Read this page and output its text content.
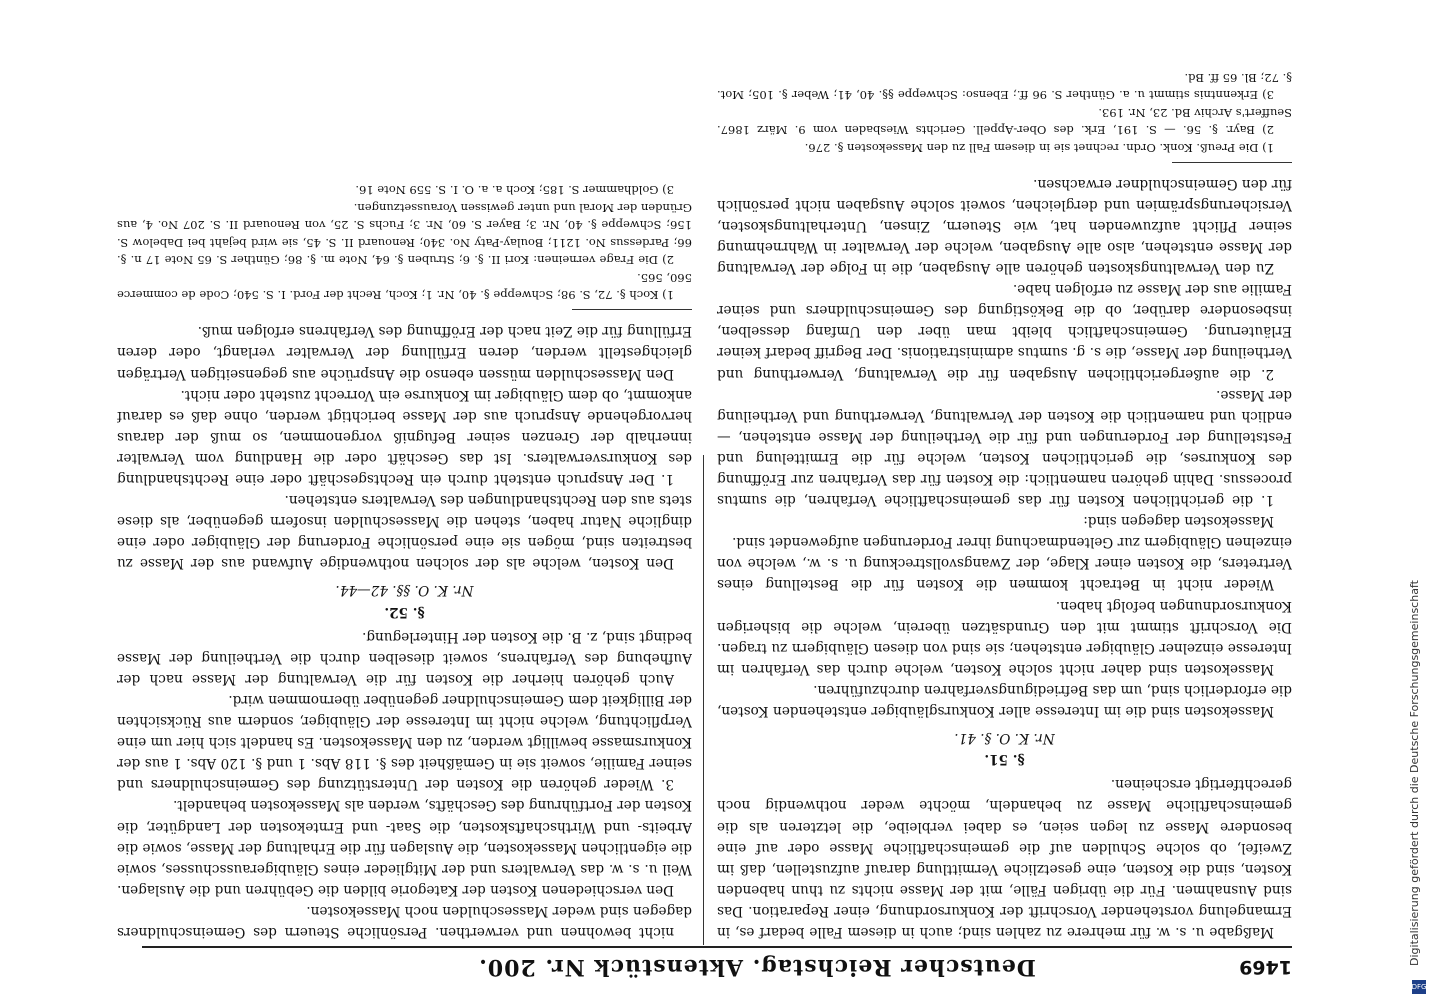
1469
Deutscher Reichstag. Aktenstück Nr. 200.

nicht bewohnen und verwerthen. Persönliche Steuern des Gemeinschuldners dagegen sind weder Masseschulden noch Massekosten.

Den verschiedenen Kosten der Kategorie bilden die Gebühren und die Auslagen. Weil u. s. w. das Verwalters und der Mitglieder eines Gläubigerausschusses, sowie die eigentlichen Massekosten, die Auslagen für die Erhaltung der Masse, sowie die Arbeits- und Wirthschaftskosten, die Saat- und Erntekosten der Landgüter, die Kosten der Fortführung des Geschäfts, werden als Massekosten behandelt.

3. Wieder gehören die Kosten der Unterstützung des Gemeinschuldners und seiner Familie, soweit sie in Gemäßheit des §. 118 Abs. 1 und §. 120 Abs. 1 aus der Konkursmasse bewilligt werden, zu den Massekosten. Es handelt sich hier um eine Verpflichtung, welche nicht im Interesse der Gläubiger, sondern aus Rücksichten der Billigkeit dem Gemeinschuldner gegenüber übernommen wird.

Auch gehören hierher die Kosten für die Verwaltung der Masse nach der Aufhebung des Verfahrens, soweit dieselben durch die Vertheilung der Masse bedingt sind, z. B. die Kosten der Hinterlegung.

§. 52.

Nr. K. O. §§. 42—44.

Den Kosten, welche als der solchen nothwendige Aufwand aus der Masse zu bestreiten sind, mögen sie eine persönliche Forderung der Gläubiger oder eine dingliche Natur haben, stehen die Masseschulden insofern gegenüber, als diese stets aus den Rechtshandlungen des Verwalters entstehen.

1. Der Anspruch entsteht durch ein Rechtsgeschäft oder eine Rechtshandlung des Konkursverwalters. Ist das Geschäft oder die Handlung vom Verwalter innerhalb der Grenzen seiner Befugniß vorgenommen, so muß der daraus hervorgehende Anspruch aus der Masse berichtigt werden, ohne daß es darauf ankommt, ob dem Gläubiger im Konkurse ein Vorrecht zusteht oder nicht.

Den Masseschulden müssen ebenso die Ansprüche aus gegenseitigen Verträgen gleichgestellt werden, deren Erfüllung der Verwalter verlangt, oder deren Erfüllung für die Zeit nach der Eröffnung des Verfahrens erfolgen muß.

1) Koch §. 72, S. 98; Schweppe §. 40, Nr. 1; Koch, Recht der Ford. I. S. 540; Code de commerce 560, 565.

2) Die Frage verneinen: Kori II. §. 6; Struben §. 64, Note m. §. 86; Günther S. 65 Note 17 n. §. 66; Pardessus No. 1211; Boulay-Paty No. 340; Renouard II. S. 45, sie wird bejaht bei Dabelow S. 156; Schweppe §. 40, Nr. 3; Bayer S. 60, Nr. 3; Fuchs S. 25, von Renouard II. S. 207 No. 4, aus Gründen der Moral und unter gewissen Voraussetzungen.

3) Goldhammer S. 185; Koch a. a. O. I. S. 559 Note 16.

Maßgabe u. s. w. für mehrere zu zahlen sind; auch in diesem Falle bedarf es, in Ermangelung vorstehender Vorschrift der Konkursordnung, einer Reparation. Das sind Ausnahmen. Für die übrigen Fälle, mit der Masse nichts zu thun habenden Kosten, sind die Kosten, eine gesetzliche Vermittlung darauf aufzustellen, daß im Zweifel, ob solche Schulden auf die gemeinschaftliche Masse oder auf eine besondere Masse zu legen seien, es dabei verbleibe, die letzteren als die gemeinschaftliche Masse zu behandeln, möchte weder nothwendig noch gerechtfertigt erscheinen.

§. 51.

Nr. K. O. §. 41.

Massekosten sind die im Interesse aller Konkursgläubiger entstehenden Kosten, die erforderlich sind, um das Befriedigungsverfahren durchzuführen.

Massekosten sind daher nicht solche Kosten, welche durch das Verfahren im Interesse einzelner Gläubiger entstehen; sie sind von diesen Gläubigern zu tragen. Die Vorschrift stimmt mit den Grundsätzen überein, welche die bisherigen Konkursordnungen befolgt haben.

Wieder nicht in Betracht kommen die Kosten für die Bestellung eines Vertreters, die Kosten einer Klage, der Zwangsvollstreckung u. s. w., welche von einzelnen Gläubigern zur Geltendmachung ihrer Forderungen aufgewendet sind.

Massekosten dagegen sind:

1. die gerichtlichen Kosten für das gemeinschaftliche Verfahren, die sumtus processus. Dahin gehören namentlich: die Kosten für das Verfahren zur Eröffnung des Konkurses, die gerichtlichen Kosten, welche für die Ermittelung und Feststellung der Forderungen und für die Vertheilung der Masse entstehen, — endlich und namentlich die Kosten der Verwaltung, Verwerthung und Vertheilung der Masse.

2. die außergerichtlichen Ausgaben für die Verwaltung, Verwerthung und Vertheilung der Masse, die s. g. sumtus administrationis. Der Begriff bedarf keiner Erläuterung. Gemeinschaftlich bleibt man über den Umfang desselben, insbesondere darüber, ob die Beköstigung des Gemeinschuldners und seiner Familie aus der Masse zu erfolgen habe.

Zu den Verwaltungskosten gehören alle Ausgaben, die in Folge der Verwaltung der Masse entstehen, also alle Ausgaben, welche der Verwalter in Wahrnehmung seiner Pflicht aufzuwenden hat, wie Steuern, Zinsen, Unterhaltungskosten, Versicherungsprämien und dergleichen, soweit solche Ausgaben nicht persönlich für den Gemeinschuldner erwachsen.

1) Die Preuß. Konk. Ordn. rechnet sie in diesem Fall zu den Massekosten §. 276.

2) Bayr. §. 56. — S. 191, Erk. des Ober-Appell. Gerichts Wiesbaden vom 9. März 1867. Seuffert's Archiv Bd. 23, Nr. 193.

3) Erkenntnis stimmt u. a. Günther S. 96 ff.; Ebenso: Schweppe §§. 40, 41; Weber §. 105; Mot. §. 72; Bl. 65 ff. Bd.

Digitalisierung gefördert durch die Deutsche Forschungsgemeinschaft
DFG
